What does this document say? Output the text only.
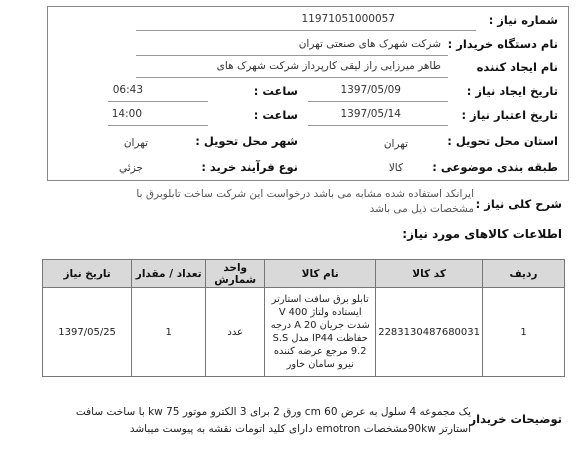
شماره نیاز :
11971051000057
نام دستگاه خریدار :
شرکت شهرک های صنعتی تهران
نام ایجاد کننده
طاهر میرزایی راز لیقی کارپرداز شرکت شهرک های
تاریخ ایجاد نیاز :
1397/05/09
ساعت :
06:43
تاریخ اعتبار نیاز :
1397/05/14
ساعت :
14:00
استان محل تحویل :
تهران
شهر محل تحویل :
تهران
طبقه بندی موضوعی :
کالا
نوع فرآیند خرید :
جزئي
شرح کلی نیاز :
ایرانکد استفاده شده مشابه می باشد درخواست این شرکت ساخت تابلوبرق با مشخصات ذیل می باشد
اطلاعات کالاهای مورد نیاز:
ردیف	کد کالا	نام کالا	واحد شمارش	تعداد / مقدار	تاریخ نیاز
1	2283130487680031	تابلو برق سافت استارتر ایستاده ولتاژ V 400 شدت جریان A 20 درجه حفاظت IP44 مدل S.S 9.2 مرجع عرضه کننده نیرو سامان خاور	عدد	1	1397/05/25
توضیحات خریدار
یک مجموعه 4 سلول به عرض 60 cm ورق 2 برای 3 الکترو موتور 75 kw با ساخت سافت استارتر 90kwمشخصات emotron دارای کلید اتومات نقشه به پیوست میباشد
